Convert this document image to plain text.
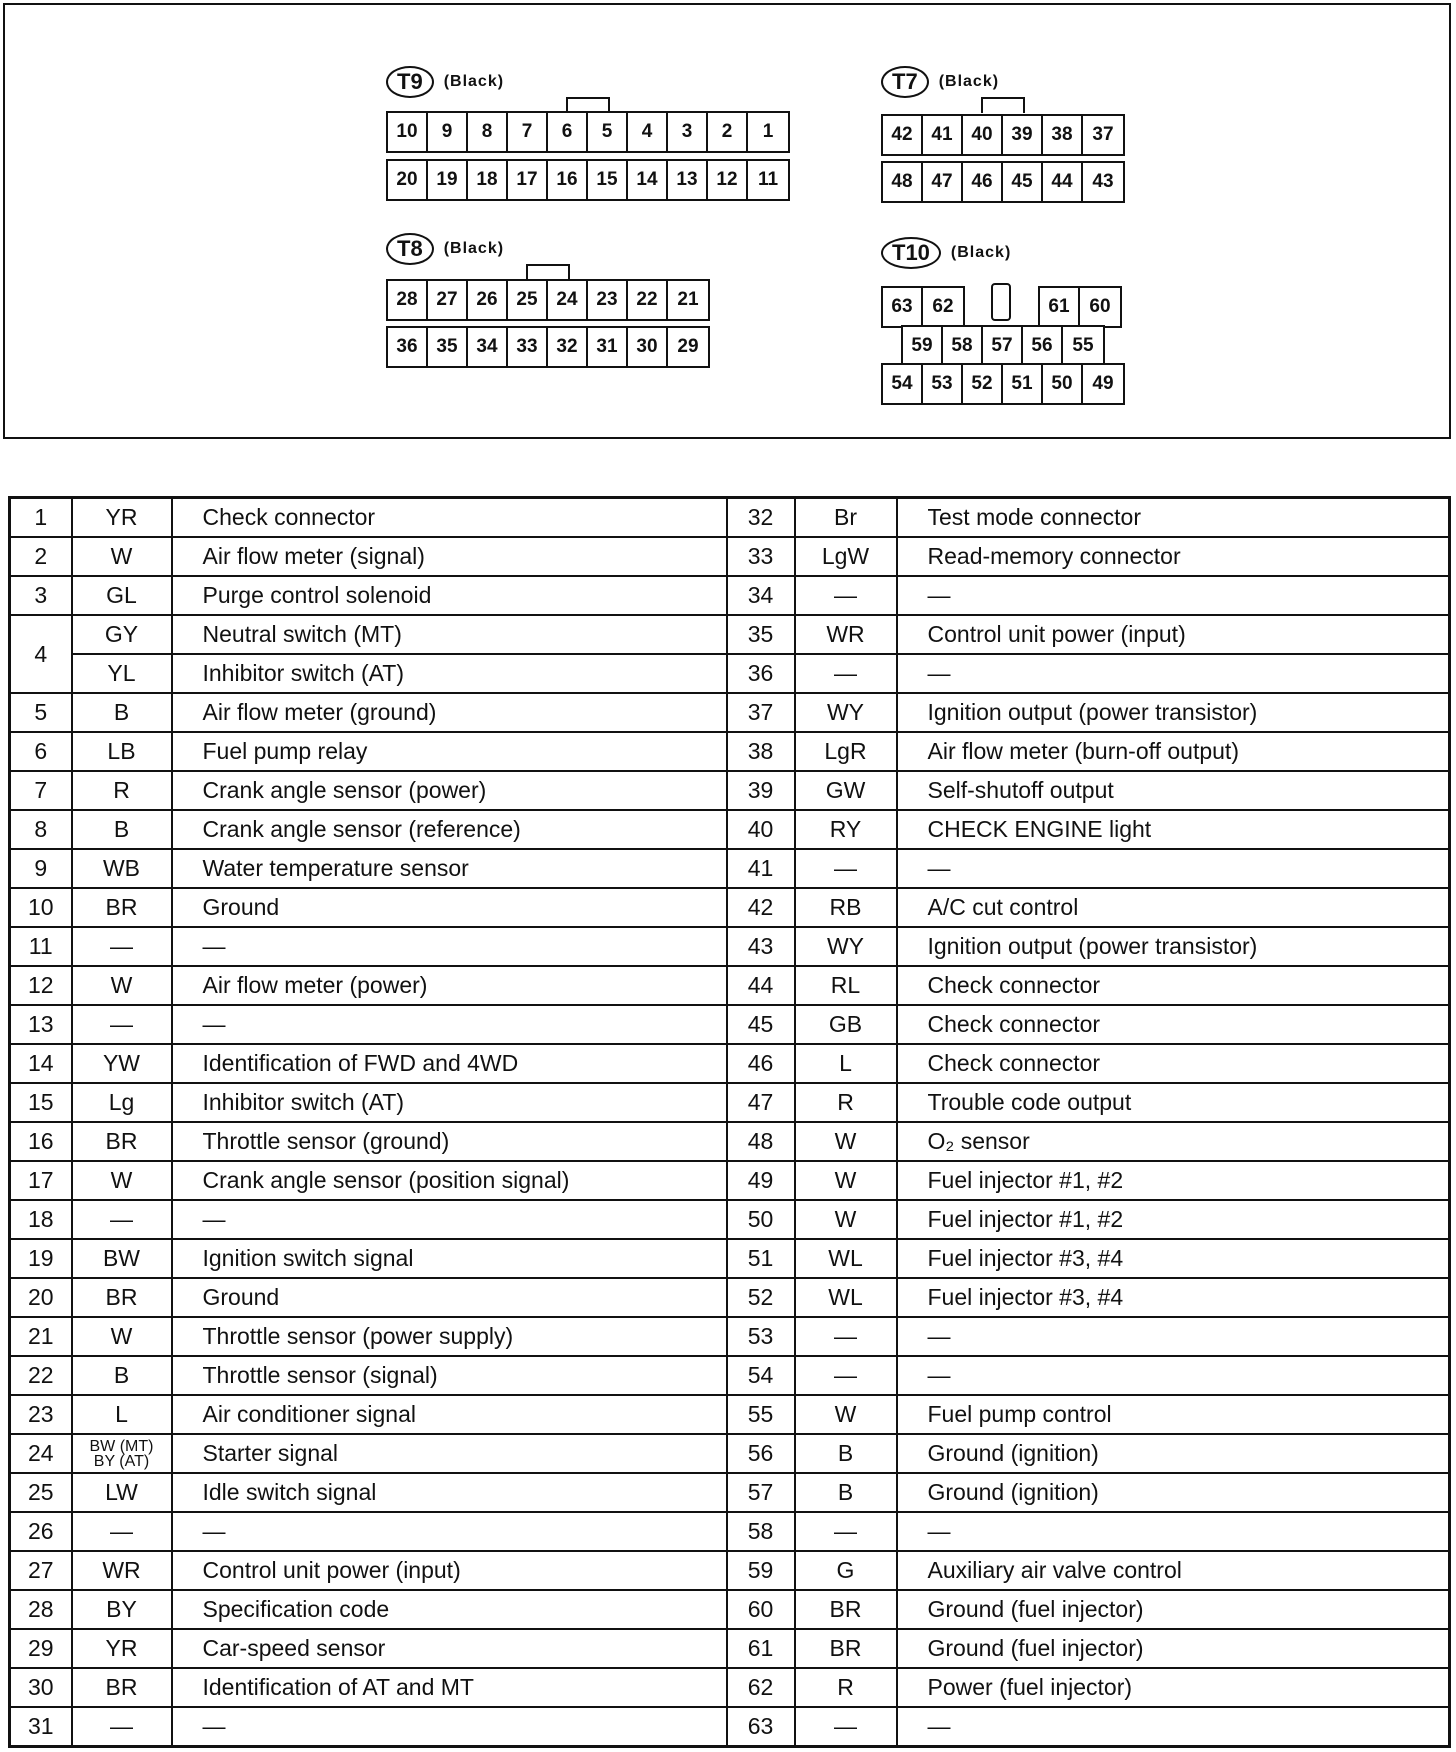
T9	(Black)
10	9	8	7	6	5	4	3	2	1
20 19 18 17 16 15 14 13 12	11
T7	(Black)
42 41 40 39 38	37
48 47 46 45 44	43
T8	(Black)
28 27 26 25 24 23 22	21
36 35 34 33 32 31 30	29
T10	(Black)
63	62	61	60
59 58 57 56	55
54 53 52 51 50	49
1	YR	Check connector	32	Br	Test mode connector
2	W	Air flow meter (signal)	33	LgW	Read-memory connector
3	GL	Purge control solenoid	34	—	—
4	GY	Neutral switch (MT)	35	WR	Control unit power (input)
	YL	Inhibitor switch (AT)	36	—	—
5	B	Air flow meter (ground)	37	WY	Ignition output (power transistor)
6	LB	Fuel pump relay	38	LgR	Air flow meter (burn-off output)
7	R	Crank angle sensor (power)	39	GW	Self-shutoff output
8	B	Crank angle sensor (reference)	40	RY	CHECK ENGINE light
9	WB	Water temperature sensor	41	—	—
10	BR	Ground	42	RB	A/C cut control
11	—	—	43	WY	Ignition output (power transistor)
12	W	Air flow meter (power)	44	RL	Check connector
13	—	—	45	GB	Check connector
14	YW	Identification of FWD and 4WD	46	L	Check connector
15	Lg	Inhibitor switch (AT)	47	R	Trouble code output
16	BR	Throttle sensor (ground)	48	W	O₂ sensor
17	W	Crank angle sensor (position signal)	49	W	Fuel injector #1, #2
18	—	—	50	W	Fuel injector #1, #2
19	BW	Ignition switch signal	51	WL	Fuel injector #3, #4
20	BR	Ground	52	WL	Fuel injector #3, #4
21	W	Throttle sensor (power supply)	53	—	—
22	B	Throttle sensor (signal)	54	—	—
23	L	Air conditioner signal	55	W	Fuel pump control
24	BW (MT)
BY (AT)	Starter signal	56	B	Ground (ignition)
25	LW	Idle switch signal	57	B	Ground (ignition)
26	—	—	58	—	—
27	WR	Control unit power (input)	59	G	Auxiliary air valve control
28	BY	Specification code	60	BR	Ground (fuel injector)
29	YR	Car-speed sensor	61	BR	Ground (fuel injector)
30	BR	Identification of AT and MT	62	R	Power (fuel injector)
31	—	—	63	—	—
